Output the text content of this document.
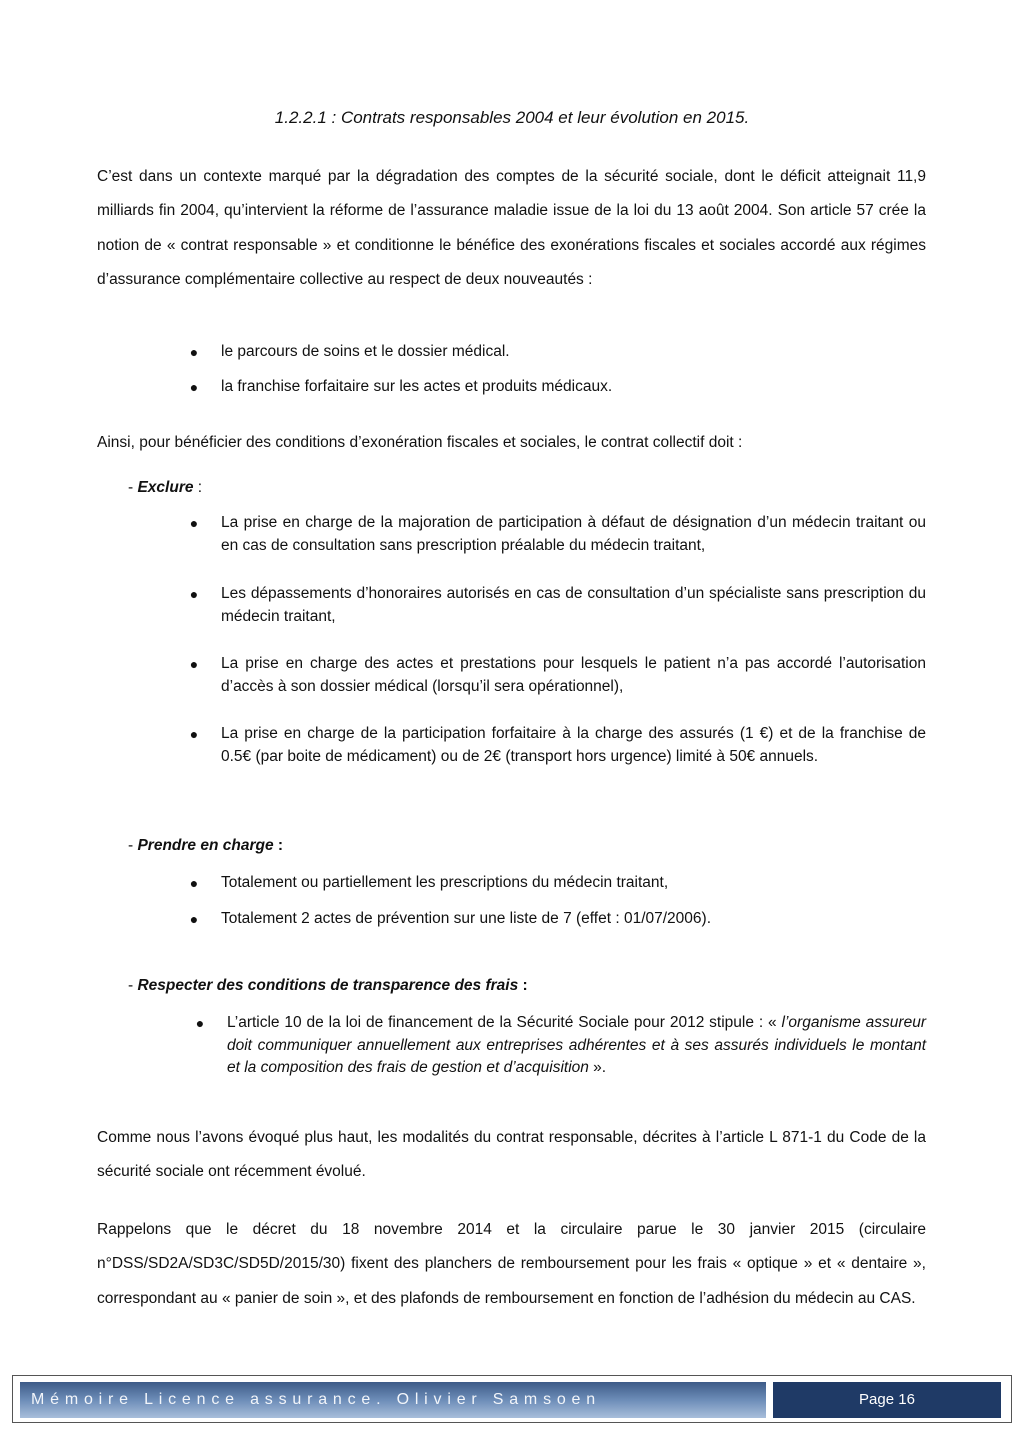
1.2.2.1 : Contrats responsables 2004 et leur évolution en 2015.

C’est dans un contexte marqué par la dégradation des comptes de la sécurité sociale, dont le déficit atteignait 11,9 milliards fin 2004, qu’intervient la réforme de l’assurance maladie issue de la loi du 13 août 2004. Son article 57 crée la notion de « contrat responsable » et conditionne le bénéfice des exonérations fiscales et sociales accordé aux régimes d’assurance complémentaire collective au respect de deux nouveautés :

● le parcours de soins et le dossier médical.
● la franchise forfaitaire sur les actes et produits médicaux.

Ainsi, pour bénéficier des conditions d’exonération fiscales et sociales, le contrat collectif doit :

- Exclure :
● La prise en charge de la majoration de participation à défaut de désignation d’un médecin traitant ou en cas de consultation sans prescription préalable du médecin traitant,
● Les dépassements d’honoraires autorisés en cas de consultation d’un spécialiste sans prescription du médecin traitant,
● La prise en charge des actes et prestations pour lesquels le patient n’a pas accordé l’autorisation d’accès à son dossier médical (lorsqu’il sera opérationnel),
● La prise en charge de la participation forfaitaire à la charge des assurés (1 €) et de la franchise de 0.5€ (par boite de médicament) ou de 2€ (transport hors urgence) limité à 50€ annuels.
- Prendre en charge :
● Totalement ou partiellement les prescriptions du médecin traitant,
● Totalement 2 actes de prévention sur une liste de 7 (effet : 01/07/2006).
- Respecter des conditions de transparence des frais :
● L’article 10 de la loi de financement de la Sécurité Sociale pour 2012 stipule : « l’organisme assureur doit communiquer annuellement aux entreprises adhérentes et à ses assurés individuels le montant et la composition des frais de gestion et d’acquisition ».

Comme nous l’avons évoqué plus haut, les modalités du contrat responsable, décrites à l’article L 871-1 du Code de la sécurité sociale ont récemment évolué.

Rappelons que le décret du 18 novembre 2014 et la circulaire parue le 30 janvier 2015 (circulaire n°DSS/SD2A/SD3C/SD5D/2015/30) fixent des planchers de remboursement pour les frais « optique » et « dentaire », correspondant au « panier de soin », et des plafonds de remboursement en fonction de l’adhésion du médecin au CAS.

Mémoire Licence assurance. Olivier Samsoen	Page 16
